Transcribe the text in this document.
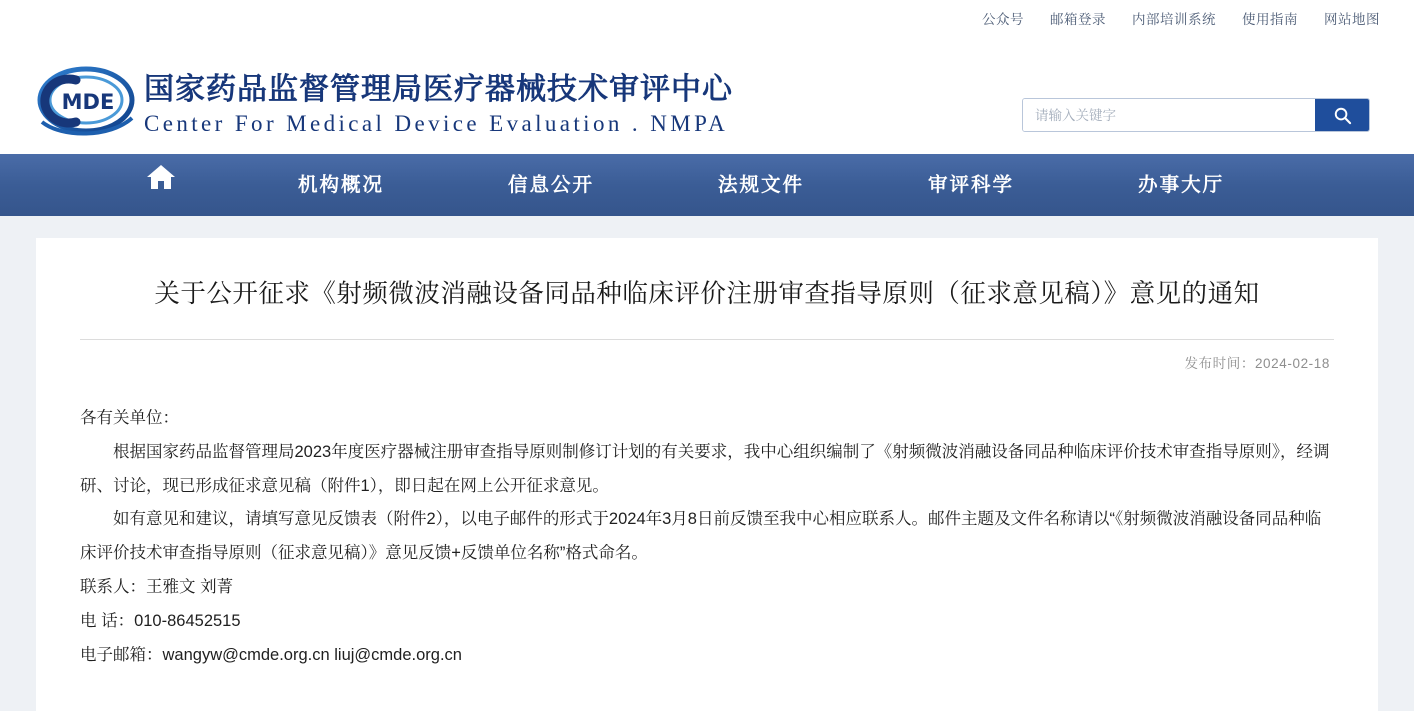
公众号 邮箱登录 内部培训系统 使用指南 网站地图
MDE 国家药品监督管理局医疗器械技术审评中心
Center For Medical Device Evaluation . NMPA
请输入关键字
机构概况	信息公开	法规文件	审评科学	办事大厅
关于公开征求《射频微波消融设备同品种临床评价注册审查指导原则（征求意见稿）》意见的通知
发布时间：2024-02-18

各有关单位：

根据国家药品监督管理局2023年度医疗器械注册审查指导原则制修订计划的有关要求，我中心组织编制了《射频微波消融设备同品种临床评价技术审查指导原则》，经调研、讨论，现已形成征求意见稿（附件1），即日起在网上公开征求意见。

如有意见和建议，请填写意见反馈表（附件2），以电子邮件的形式于2024年3月8日前反馈至我中心相应联系人。邮件主题及文件名称请以“《射频微波消融设备同品种临床评价技术审查指导原则（征求意见稿）》意见反馈+反馈单位名称”格式命名。

联系人：王雅文 刘菁

电 话：010-86452515

电子邮箱：wangyw@cmde.org.cn liuj@cmde.org.cn
